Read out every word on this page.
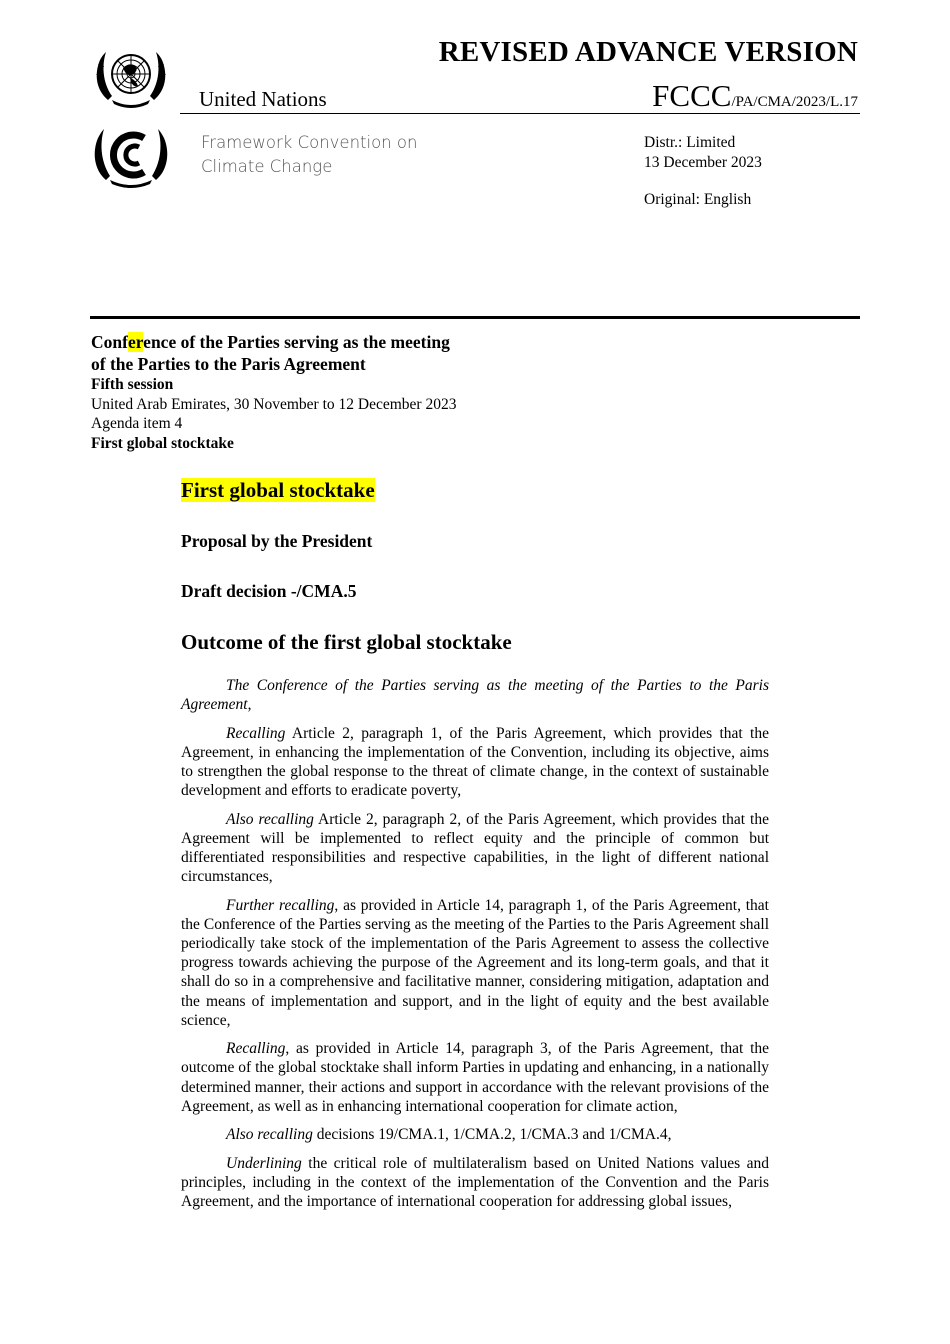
REVISED ADVANCE VERSION
United Nations	FCCC/PA/CMA/2023/L.17
Framework Convention on
Climate Change
Distr.: Limited
13 December 2023
Original: English
Conference of the Parties serving as the meeting
of the Parties to the Paris Agreement
Fifth session
United Arab Emirates, 30 November to 12 December 2023
Agenda item 4
First global stocktake
First global stocktake
Proposal by the President
Draft decision -/CMA.5
Outcome of the first global stocktake

The Conference of the Parties serving as the meeting of the Parties to the Paris Agreement,

Recalling Article 2, paragraph 1, of the Paris Agreement, which provides that the Agreement, in enhancing the implementation of the Convention, including its objective, aims to strengthen the global response to the threat of climate change, in the context of sustainable development and efforts to eradicate poverty,

Also recalling Article 2, paragraph 2, of the Paris Agreement, which provides that the Agreement will be implemented to reflect equity and the principle of common but differentiated responsibilities and respective capabilities, in the light of different national circumstances,

Further recalling, as provided in Article 14, paragraph 1, of the Paris Agreement, that the Conference of the Parties serving as the meeting of the Parties to the Paris Agreement shall periodically take stock of the implementation of the Paris Agreement to assess the collective progress towards achieving the purpose of the Agreement and its long-term goals, and that it shall do so in a comprehensive and facilitative manner, considering mitigation, adaptation and the means of implementation and support, and in the light of equity and the best available science,

Recalling, as provided in Article 14, paragraph 3, of the Paris Agreement, that the outcome of the global stocktake shall inform Parties in updating and enhancing, in a nationally determined manner, their actions and support in accordance with the relevant provisions of the Agreement, as well as in enhancing international cooperation for climate action,

Also recalling decisions 19/CMA.1, 1/CMA.2, 1/CMA.3 and 1/CMA.4,

Underlining the critical role of multilateralism based on United Nations values and principles, including in the context of the implementation of the Convention and the Paris Agreement, and the importance of international cooperation for addressing global issues,
